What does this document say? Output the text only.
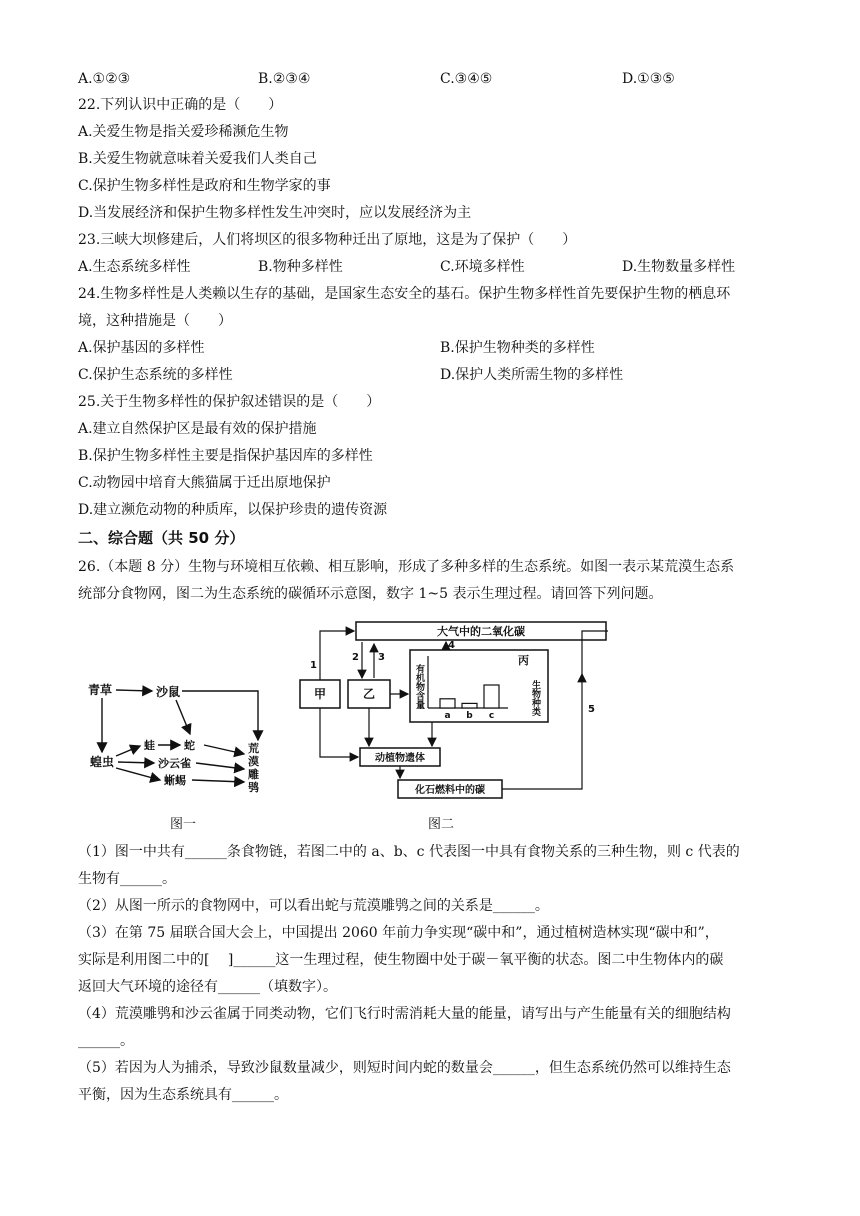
A.①②③	B.②③④	C.③④⑤	D.①③⑤
22.下列认识中正确的是（　　）
A.关爱生物是指关爱珍稀濒危生物
B.关爱生物就意味着关爱我们人类自己
C.保护生物多样性是政府和生物学家的事
D.当发展经济和保护生物多样性发生冲突时，应以发展经济为主
23.三峡大坝修建后，人们将坝区的很多物种迁出了原地，这是为了保护（　　）
A.生态系统多样性	B.物种多样性	C.环境多样性	D.生物数量多样性
24.生物多样性是人类赖以生存的基础，是国家生态安全的基石。保护生物多样性首先要保护生物的栖息环
境，这种措施是（　　）
A.保护基因的多样性	B.保护生物种类的多样性
C.保护生态系统的多样性	D.保护人类所需生物的多样性
25.关于生物多样性的保护叙述错误的是（　　）
A.建立自然保护区是最有效的保护措施
B.保护生物多样性主要是指保护基因库的多样性
C.动物园中培育大熊猫属于迁出原地保护
D.建立濒危动物的种质库，以保护珍贵的遗传资源
二、综合题（共 50 分）
26.（本题 8 分）生物与环境相互依赖、相互影响，形成了多种多样的生态系统。如图一表示某荒漠生态系
统部分食物网，图二为生态系统的碳循环示意图，数字 1~5 表示生理过程。请回答下列问题。
青草	沙鼠
蝗虫
蛙	蛇
沙云雀
蜥蜴
荒
漠
雕
鸮
图一
大气中的二氧化碳
甲	乙
动植物遗体
化石燃料中的碳
丙
有
机
物
含
量
生
物
种
类
a b c
1
2 3
4
5
图二
（1）图一中共有______条食物链，若图二中的 a、b、c 代表图一中具有食物关系的三种生物，则 c 代表的
生物有______。
（2）从图一所示的食物网中，可以看出蛇与荒漠雕鸮之间的关系是______。
（3）在第 75 届联合国大会上，中国提出 2060 年前力争实现“碳中和”，通过植树造林实现“碳中和”，
实际是利用图二中的[　 ]______这一生理过程，使生物圈中处于碳－氧平衡的状态。图二中生物体内的碳
返回大气环境的途径有______（填数字）。
（4）荒漠雕鸮和沙云雀属于同类动物，它们飞行时需消耗大量的能量，请写出与产生能量有关的细胞结构
______。
（5）若因为人为捕杀，导致沙鼠数量减少，则短时间内蛇的数量会______，但生态系统仍然可以维持生态
平衡，因为生态系统具有______。
